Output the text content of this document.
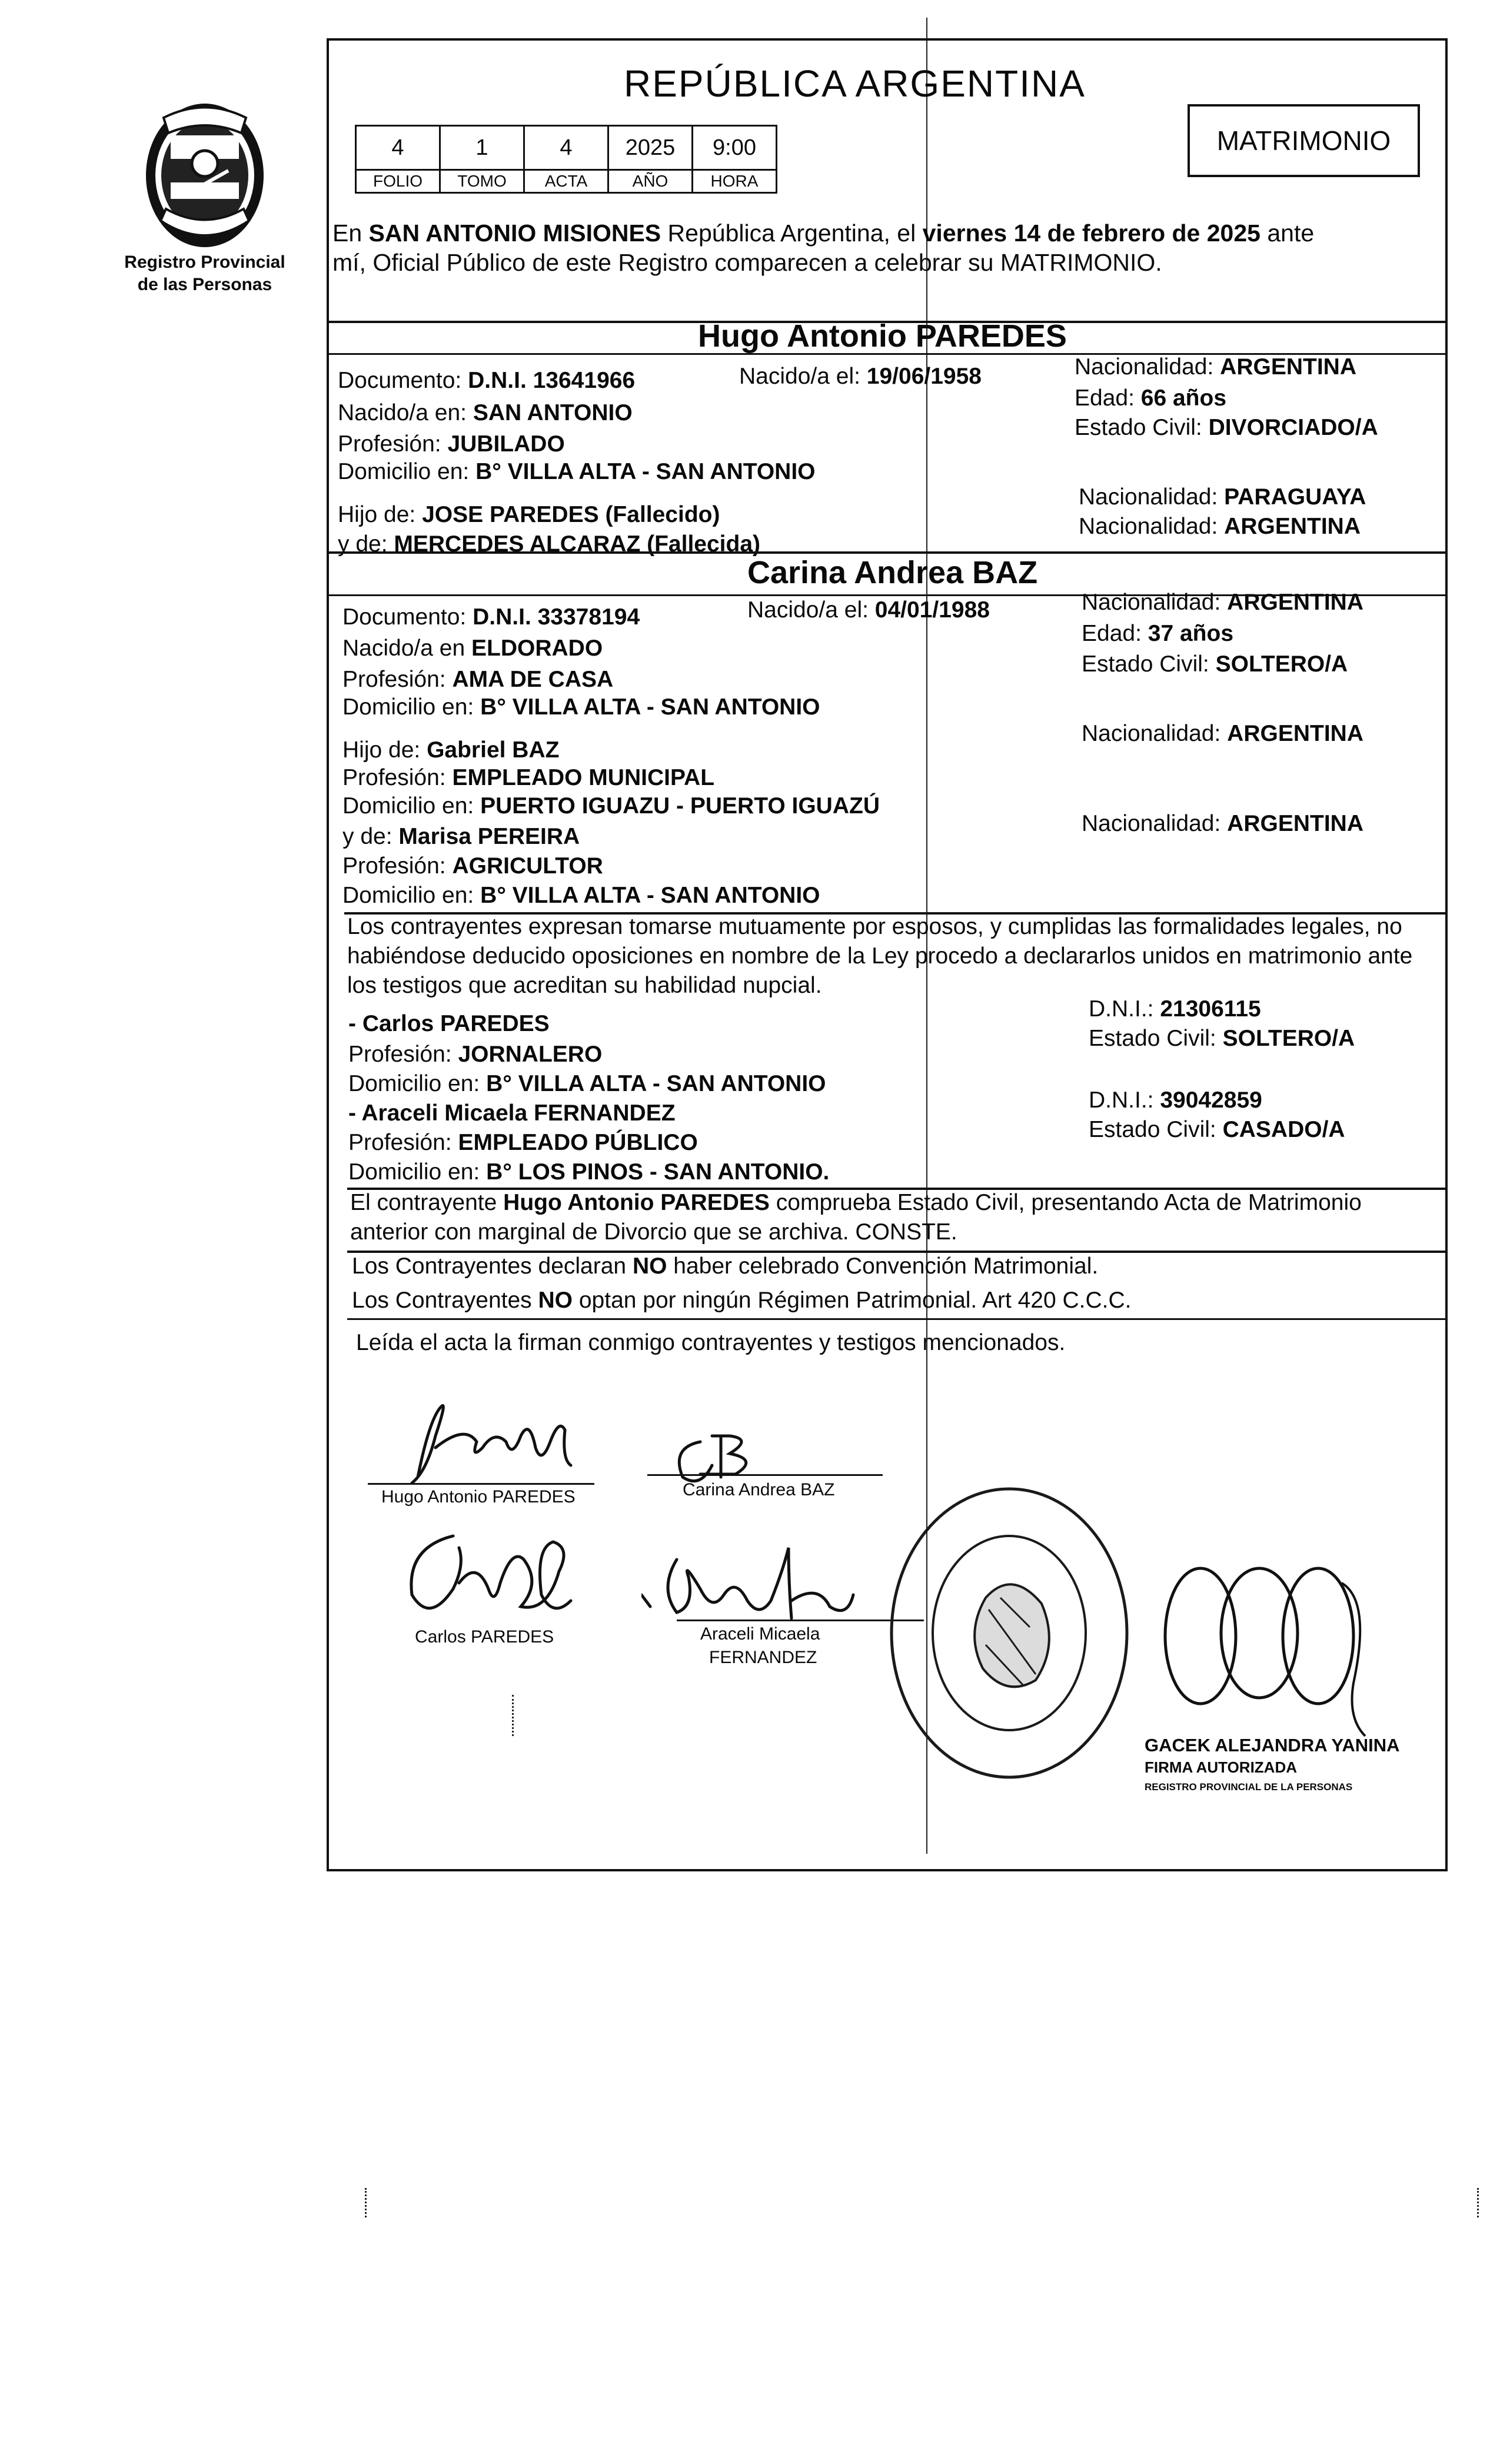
Registro Provincial
de las Personas
REPÚBLICA ARGENTINA
4	1	4	2025	9:00
FOLIO	TOMO	ACTA	AÑO	HORA
MATRIMONIO
En SAN ANTONIO MISIONES República Argentina, el viernes 14 de febrero de 2025 ante
mí, Oficial Público de este Registro comparecen a celebrar su MATRIMONIO.
Hugo Antonio PAREDES
Documento: D.N.I. 13641966	Nacido/a el: 19/06/1958	Nacionalidad: ARGENTINA
Edad: 66 años
Estado Civil: DIVORCIADO/A
Nacido/a en: SAN ANTONIO
Profesión: JUBILADO
Domicilio en: B° VILLA ALTA - SAN ANTONIO
Hijo de: JOSE PAREDES (Fallecido)
Nacionalidad: PARAGUAYA
y de: MERCEDES ALCARAZ (Fallecida)
Nacionalidad: ARGENTINA
Carina Andrea BAZ
Documento: D.N.I. 33378194	Nacido/a el: 04/01/1988	Nacionalidad: ARGENTINA
Edad: 37 años
Estado Civil: SOLTERO/A
Nacido/a en ELDORADO
Profesión: AMA DE CASA
Domicilio en: B° VILLA ALTA - SAN ANTONIO
Hijo de: Gabriel BAZ
Nacionalidad: ARGENTINA
Profesión: EMPLEADO MUNICIPAL
Domicilio en: PUERTO IGUAZU - PUERTO IGUAZÚ
y de: Marisa PEREIRA
Nacionalidad: ARGENTINA
Profesión: AGRICULTOR
Domicilio en: B° VILLA ALTA - SAN ANTONIO
Los contrayentes expresan tomarse mutuamente por esposos, y cumplidas las formalidades legales, no
habiéndose deducido oposiciones en nombre de la Ley procedo a declararlos unidos en matrimonio ante
los testigos que acreditan su habilidad nupcial.
- Carlos PAREDES
Profesión: JORNALERO
Domicilio en: B° VILLA ALTA - SAN ANTONIO
D.N.I.: 21306115
Estado Civil: SOLTERO/A
- Araceli Micaela FERNANDEZ
Profesión: EMPLEADO PÚBLICO
Domicilio en: B° LOS PINOS - SAN ANTONIO.
D.N.I.: 39042859
Estado Civil: CASADO/A
El contrayente Hugo Antonio PAREDES comprueba Estado Civil, presentando Acta de Matrimonio
anterior con marginal de Divorcio que se archiva. CONSTE.
Los Contrayentes declaran NO haber celebrado Convención Matrimonial.
Los Contrayentes NO optan por ningún Régimen Patrimonial. Art 420 C.C.C.
Leída el acta la firman conmigo contrayentes y testigos mencionados.
Hugo Antonio PAREDES	Carina Andrea BAZ
Carlos PAREDES	Araceli Micaela
FERNANDEZ
GACEK ALEJANDRA YANINA
FIRMA AUTORIZADA
REGISTRO PROVINCIAL DE LA PERSONAS
